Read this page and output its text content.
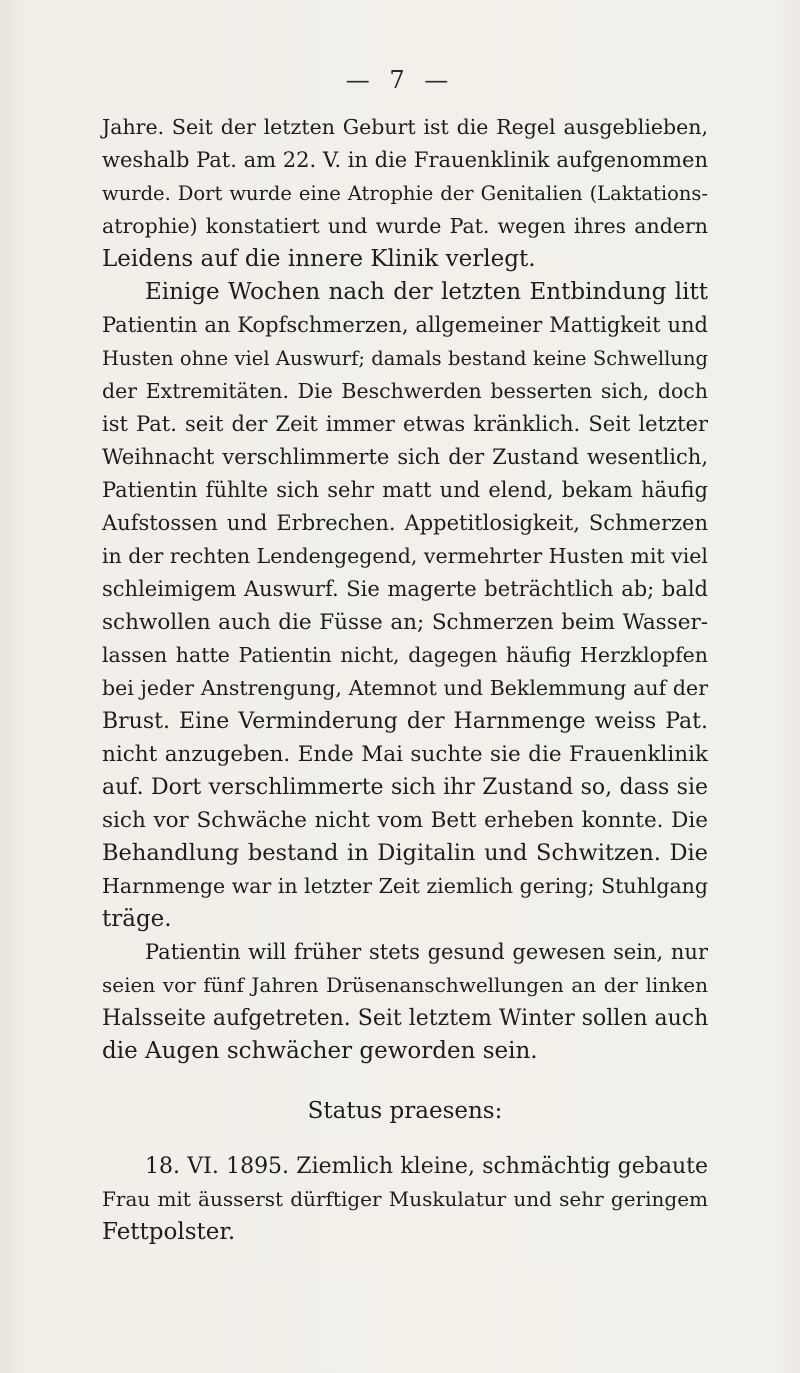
— 7 —
Jahre. Seit der letzten Geburt ist die Regel ausgeblieben,
weshalb Pat. am 22. V. in die Frauenklinik aufgenommen
wurde. Dort wurde eine Atrophie der Genitalien (Laktations-
atrophie) konstatiert und wurde Pat. wegen ihres andern
Leidens auf die innere Klinik verlegt.
Einige Wochen nach der letzten Entbindung litt
Patientin an Kopfschmerzen, allgemeiner Mattigkeit und
Husten ohne viel Auswurf; damals bestand keine Schwellung
der Extremitäten. Die Beschwerden besserten sich, doch
ist Pat. seit der Zeit immer etwas kränklich. Seit letzter
Weihnacht verschlimmerte sich der Zustand wesentlich,
Patientin fühlte sich sehr matt und elend, bekam häufig
Aufstossen und Erbrechen. Appetitlosigkeit, Schmerzen
in der rechten Lendengegend, vermehrter Husten mit viel
schleimigem Auswurf. Sie magerte beträchtlich ab; bald
schwollen auch die Füsse an; Schmerzen beim Wasser-
lassen hatte Patientin nicht, dagegen häufig Herzklopfen
bei jeder Anstrengung, Atemnot und Beklemmung auf der
Brust. Eine Verminderung der Harnmenge weiss Pat.
nicht anzugeben. Ende Mai suchte sie die Frauenklinik
auf. Dort verschlimmerte sich ihr Zustand so, dass sie
sich vor Schwäche nicht vom Bett erheben konnte. Die
Behandlung bestand in Digitalin und Schwitzen. Die
Harnmenge war in letzter Zeit ziemlich gering; Stuhlgang
träge.
Patientin will früher stets gesund gewesen sein, nur
seien vor fünf Jahren Drüsenanschwellungen an der linken
Halsseite aufgetreten. Seit letztem Winter sollen auch
die Augen schwächer geworden sein.
Status praesens:
18. VI. 1895. Ziemlich kleine, schmächtig gebaute
Frau mit äusserst dürftiger Muskulatur und sehr geringem
Fettpolster.
